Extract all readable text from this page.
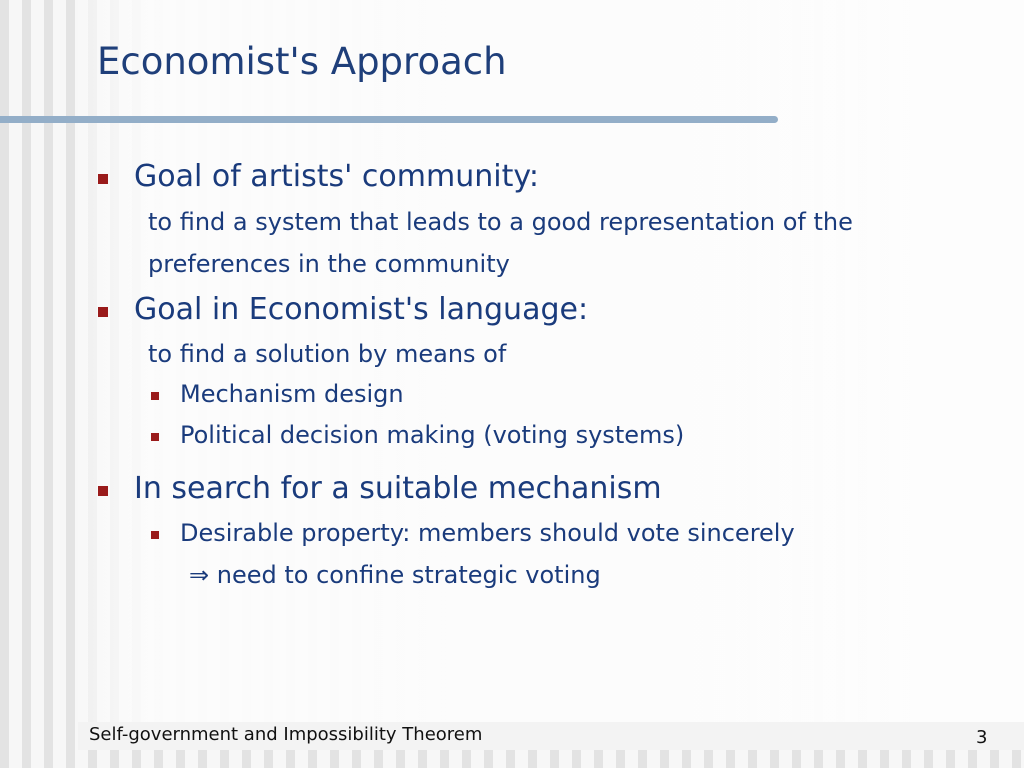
Economist's Approach
Goal of artists' community:
to find a system that leads to a good representation of the
preferences in the community
Goal in Economist's language:
to find a solution by means of
Mechanism design
Political decision making (voting systems)
In search for a suitable mechanism
Desirable property: members should vote sincerely
⇒ need to confine strategic voting
Self-government and Impossibility Theorem	3
